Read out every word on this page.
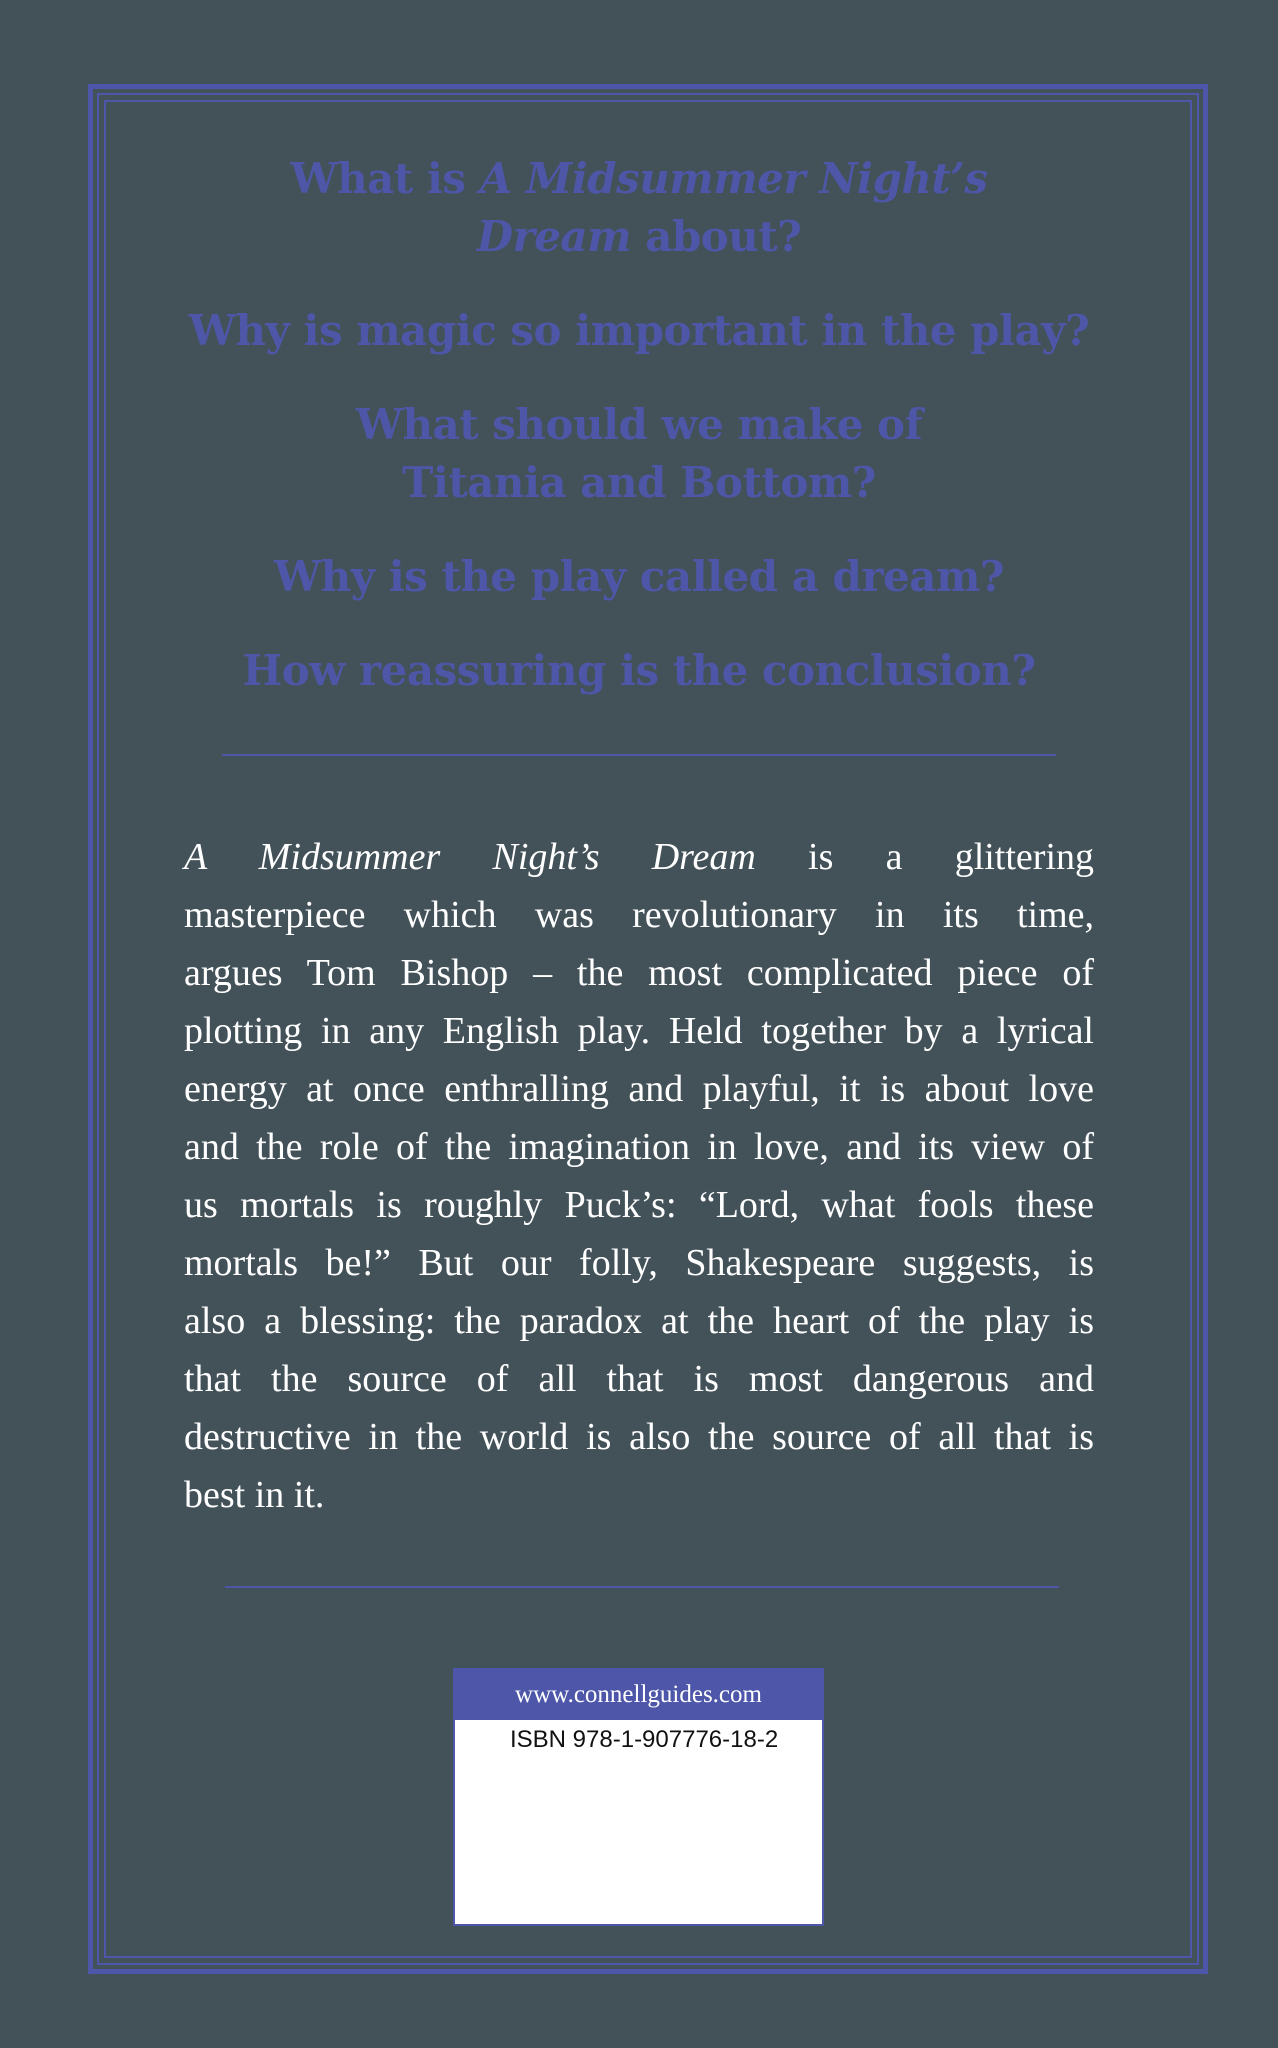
What is A Midsummer Night’s
Dream about?
Why is magic so important in the play?
What should we make of
Titania and Bottom?
Why is the play called a dream?
How reassuring is the conclusion?
A Midsummer Night’s Dream is a glittering
masterpiece which was revolutionary in its time,
argues Tom Bishop – the most complicated piece of
plotting in any English play. Held together by a lyrical
energy at once enthralling and playful, it is about love
and the role of the imagination in love, and its view of
us mortals is roughly Puck’s: “Lord, what fools these
mortals be!” But our folly, Shakespeare suggests, is
also a blessing: the paradox at the heart of the play is
that the source of all that is most dangerous and
destructive in the world is also the source of all that is
best in it.
www.connellguides.com
ISBN 978-1-907776-18-2
